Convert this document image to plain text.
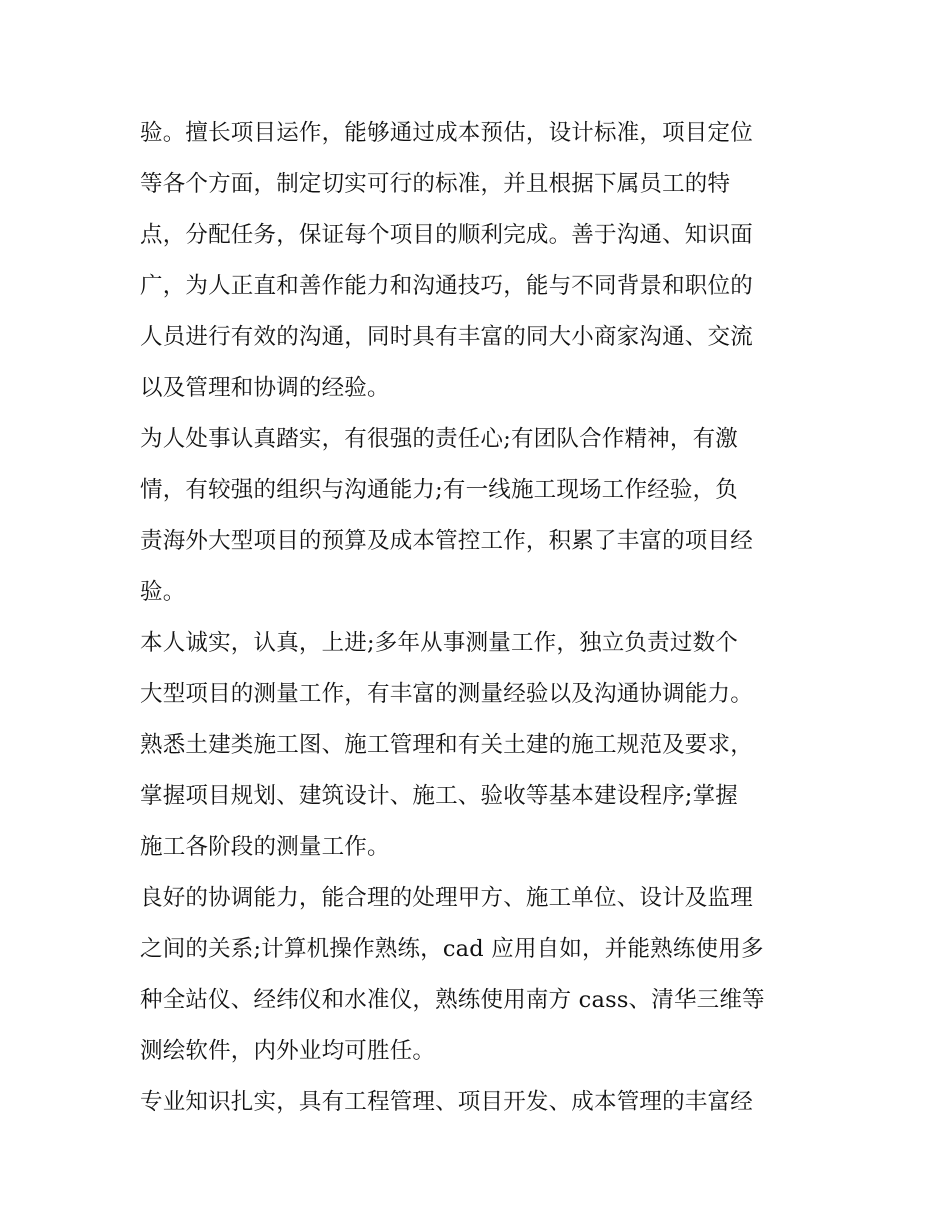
验。擅长项目运作，能够通过成本预估，设计标准，项目定位
等各个方面，制定切实可行的标准，并且根据下属员工的特
点，分配任务，保证每个项目的顺利完成。善于沟通、知识面
广，为人正直和善作能力和沟通技巧，能与不同背景和职位的
人员进行有效的沟通，同时具有丰富的同大小商家沟通、交流
以及管理和协调的经验。
为人处事认真踏实，有很强的责任心;有团队合作精神，有激
情，有较强的组织与沟通能力;有一线施工现场工作经验，负
责海外大型项目的预算及成本管控工作，积累了丰富的项目经
验。
本人诚实，认真，上进;多年从事测量工作，独立负责过数个
大型项目的测量工作，有丰富的测量经验以及沟通协调能力。
熟悉土建类施工图、施工管理和有关土建的施工规范及要求，
掌握项目规划、建筑设计、施工、验收等基本建设程序;掌握
施工各阶段的测量工作。
良好的协调能力，能合理的处理甲方、施工单位、设计及监理
之间的关系;计算机操作熟练，cad 应用自如，并能熟练使用多
种全站仪、经纬仪和水准仪，熟练使用南方 cass、清华三维等
测绘软件，内外业均可胜任。
专业知识扎实，具有工程管理、项目开发、成本管理的丰富经
